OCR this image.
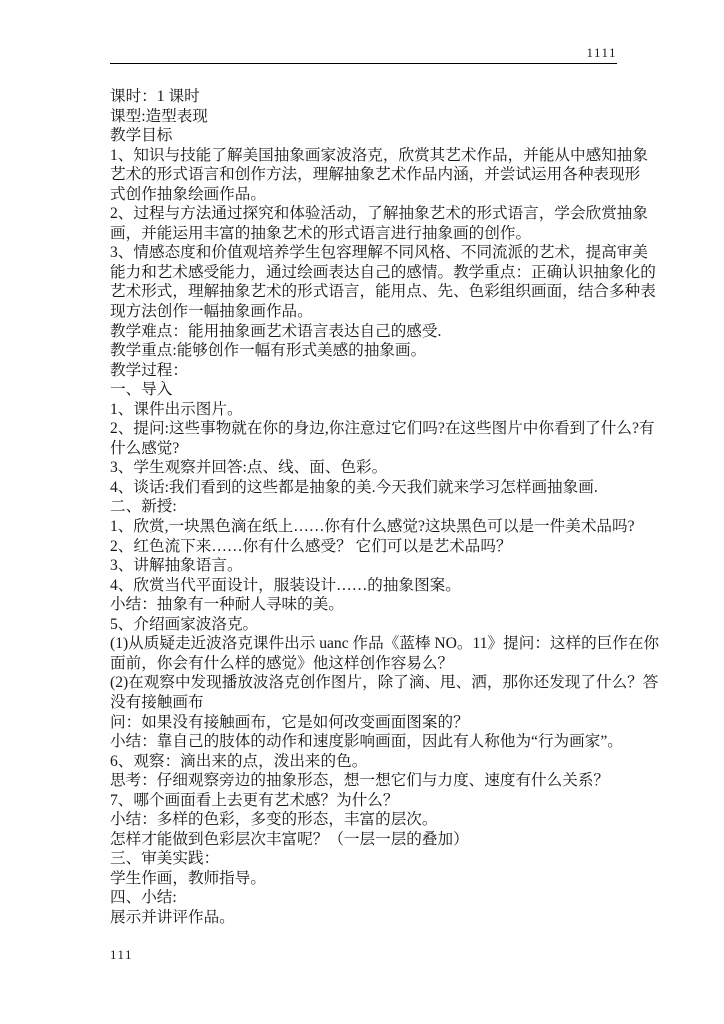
1111
课时：1 课时
课型:造型表现
教学目标
1、知识与技能了解美国抽象画家波洛克，欣赏其艺术作品，并能从中感知抽象
艺术的形式语言和创作方法，理解抽象艺术作品内涵，并尝试运用各种表现形
式创作抽象绘画作品。
2、过程与方法通过探究和体验活动，了解抽象艺术的形式语言，学会欣赏抽象
画，并能运用丰富的抽象艺术的形式语言进行抽象画的创作。
3、情感态度和价值观培养学生包容理解不同风格、不同流派的艺术，提高审美
能力和艺术感受能力，通过绘画表达自己的感情。教学重点：正确认识抽象化的
艺术形式，理解抽象艺术的形式语言，能用点、先、色彩组织画面，结合多种表
现方法创作一幅抽象画作品。
教学难点：能用抽象画艺术语言表达自己的感受.
教学重点:能够创作一幅有形式美感的抽象画。
教学过程：
一、导入
1、课件出示图片。
2、提问:这些事物就在你的身边,你注意过它们吗?在这些图片中你看到了什么?有
什么感觉?
3、学生观察并回答:点、线、面、色彩。
4、谈话:我们看到的这些都是抽象的美.今天我们就来学习怎样画抽象画.
二、新授:
1、欣赏,一块黑色滴在纸上……你有什么感觉?这块黑色可以是一件美术品吗?
2、红色流下来……你有什么感受？ 它们可以是艺术品吗？
3、讲解抽象语言。
4、欣赏当代平面设计，服装设计……的抽象图案。
小结：抽象有一种耐人寻味的美。
5、介绍画家波洛克。
(1)从质疑走近波洛克课件出示 uanc 作品《蓝棒 NO。11》提问：这样的巨作在你
面前，你会有什么样的感觉》他这样创作容易么？
(2)在观察中发现播放波洛克创作图片，除了滴、甩、洒，那你还发现了什么？答
没有接触画布
问：如果没有接触画布，它是如何改变画面图案的？
小结：靠自己的肢体的动作和速度影响画面，因此有人称他为“行为画家”。
6、观察：滴出来的点，泼出来的色。
思考：仔细观察旁边的抽象形态，想一想它们与力度、速度有什么关系？
7、哪个画面看上去更有艺术感？为什么？
小结：多样的色彩，多变的形态，丰富的层次。
怎样才能做到色彩层次丰富呢？（一层一层的叠加）
三、审美实践：
学生作画，教师指导。
四、小结:
展示并讲评作品。
111
